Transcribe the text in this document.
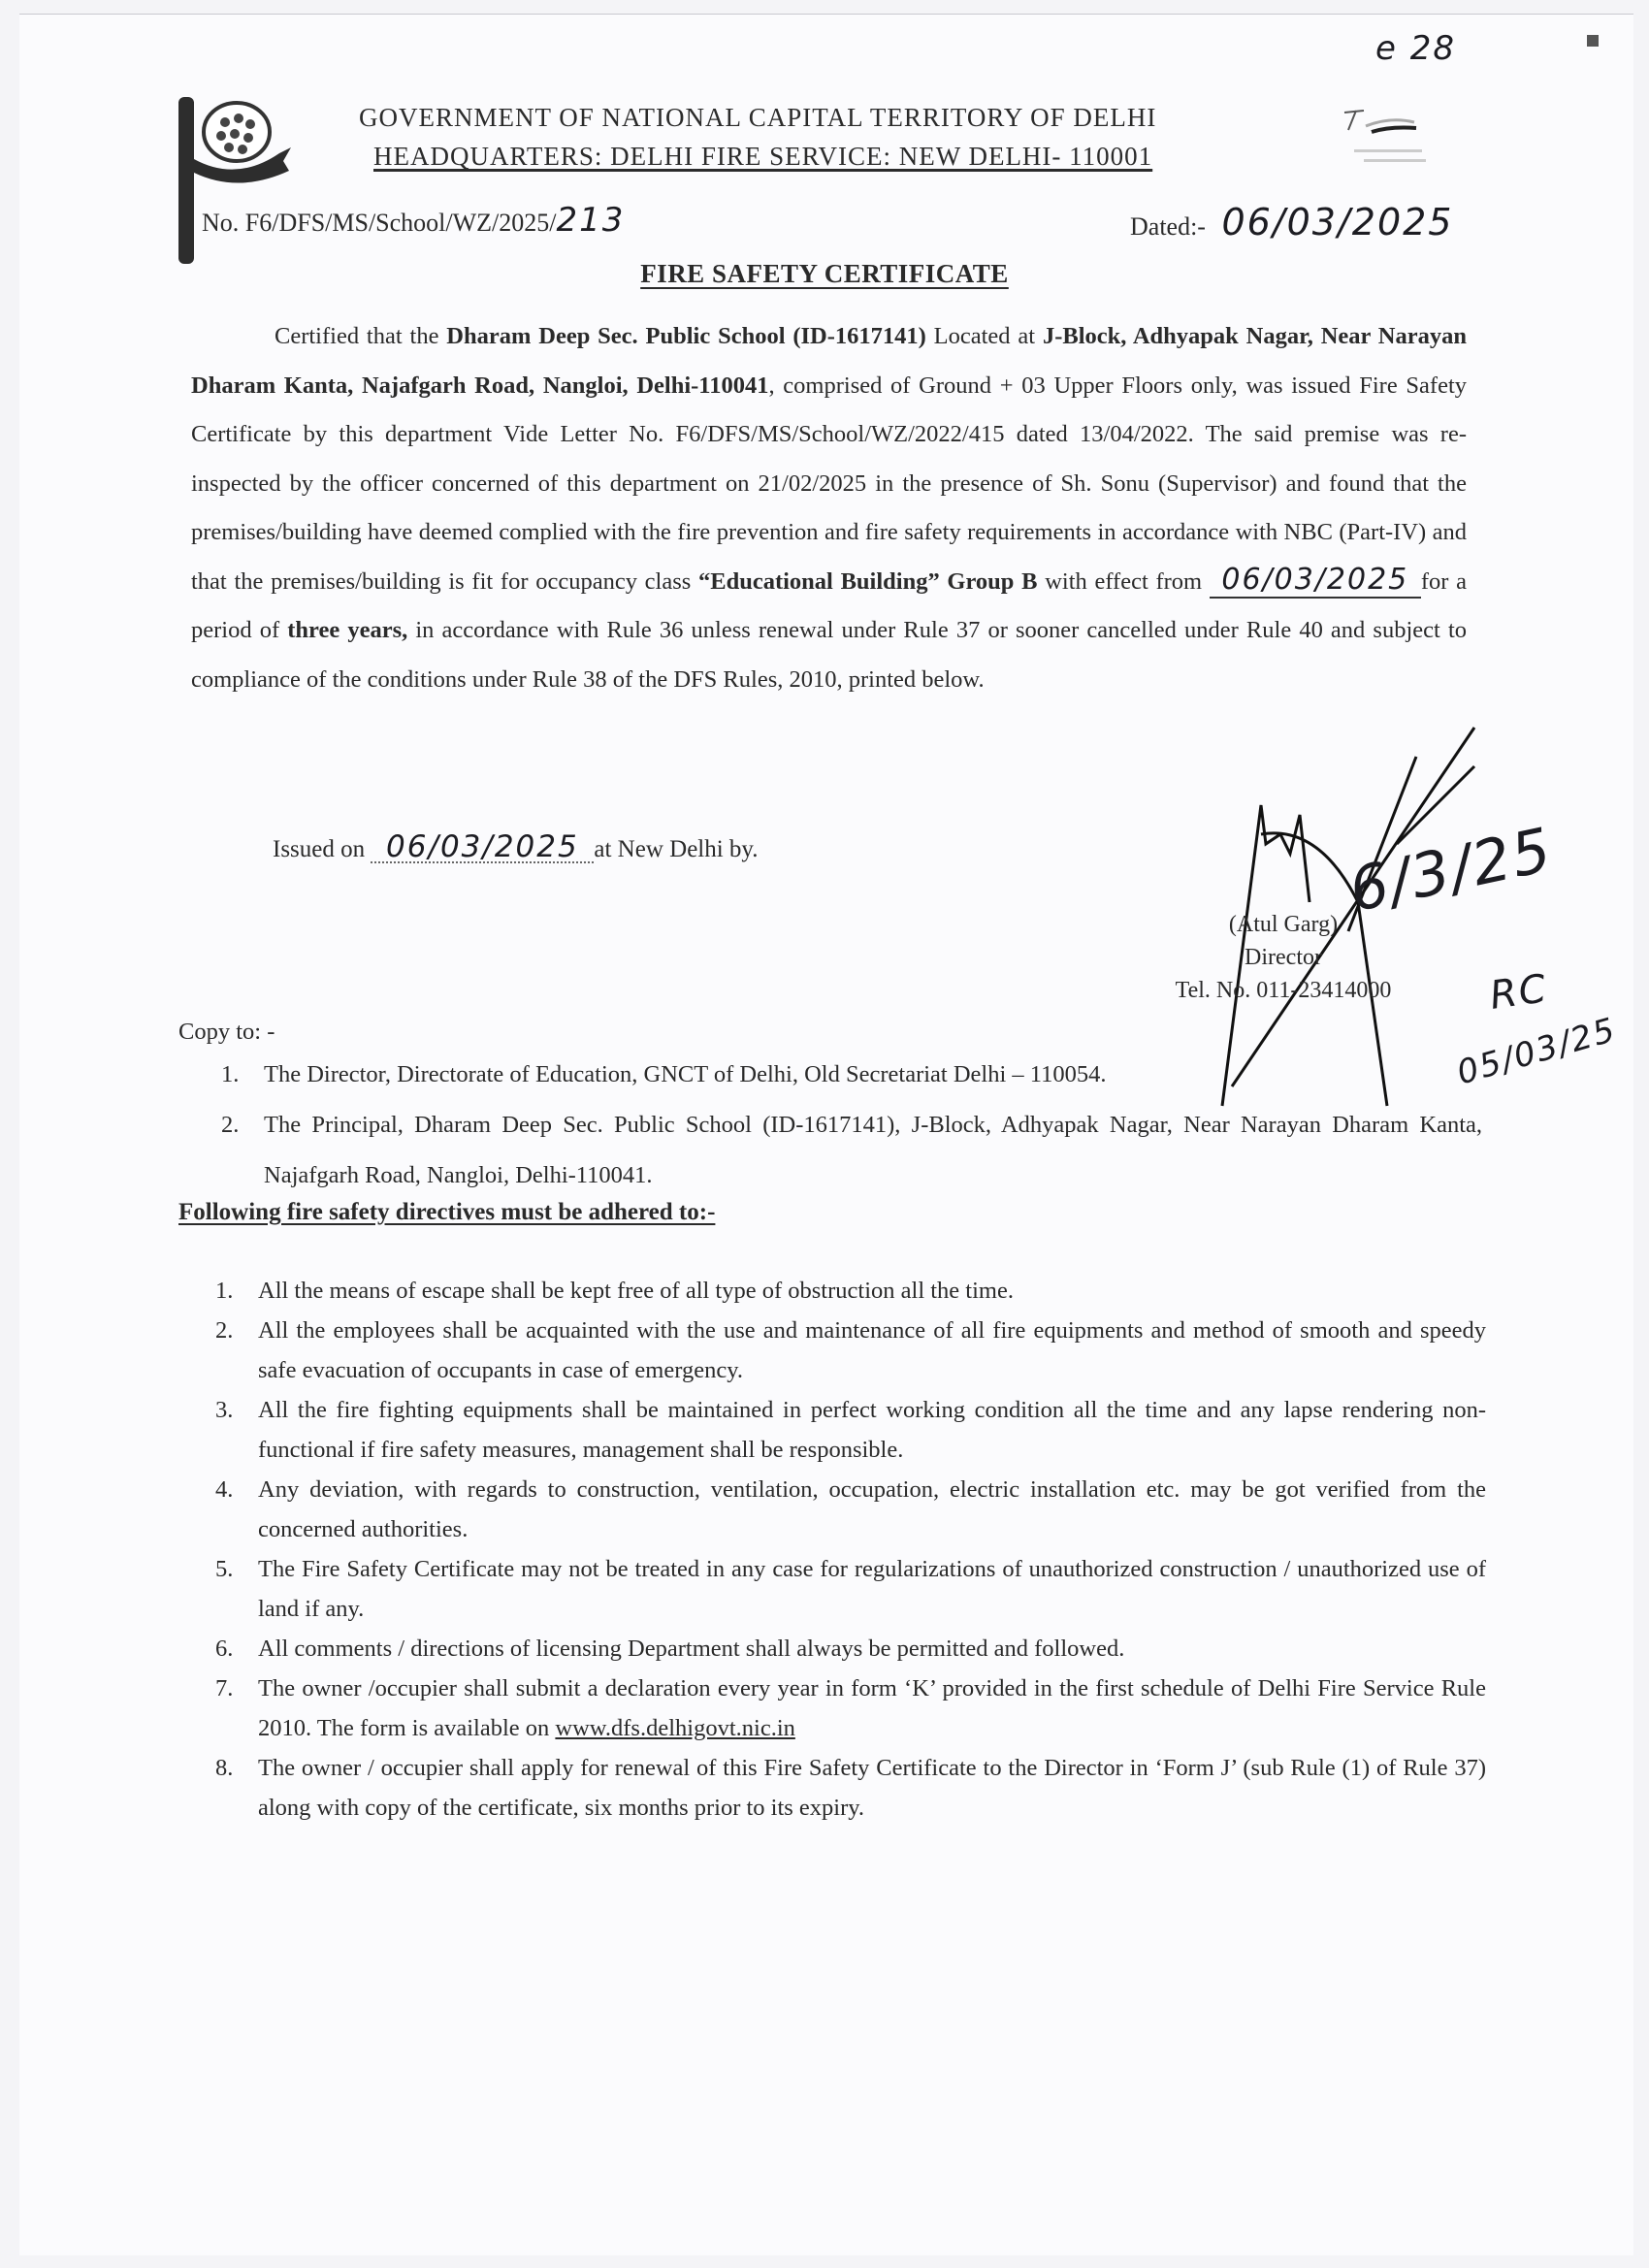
e 28
GOVERNMENT OF NATIONAL CAPITAL TERRITORY OF DELHI
HEADQUARTERS: DELHI FIRE SERVICE: NEW DELHI- 110001
No. F6/DFS/MS/School/WZ/2025/213	Dated:- 06/03/2025
FIRE SAFETY CERTIFICATE
Certified that the Dharam Deep Sec. Public School (ID-1617141) Located at J-Block, Adhyapak Nagar, Near Narayan Dharam Kanta, Najafgarh Road, Nangloi, Delhi-110041, comprised of Ground + 03 Upper Floors only, was issued Fire Safety Certificate by this department Vide Letter No. F6/DFS/MS/School/WZ/2022/415 dated 13/04/2022. The said premise was re-inspected by the officer concerned of this department on 21/02/2025 in the presence of Sh. Sonu (Supervisor) and found that the premises/building have deemed complied with the fire prevention and fire safety requirements in accordance with NBC (Part-IV) and that the premises/building is fit for occupancy class “Educational Building” Group B with effect from 06/03/2025 for a period of three years, in accordance with Rule 36 unless renewal under Rule 37 or sooner cancelled under Rule 40 and subject to compliance of the conditions under Rule 38 of the DFS Rules, 2010, printed below.
Issued on 06/03/2025 at New Delhi by.	6/3/25
(Atul Garg)
Director
Tel. No. 011-23414000	RC
05/03/25
Copy to: -
1.	The Director, Directorate of Education, GNCT of Delhi, Old Secretariat Delhi – 110054.
2.	The Principal, Dharam Deep Sec. Public School (ID-1617141), J-Block, Adhyapak Nagar, Near Narayan Dharam Kanta, Najafgarh Road, Nangloi, Delhi-110041.
Following fire safety directives must be adhered to:-
1.	All the means of escape shall be kept free of all type of obstruction all the time.
2.	All the employees shall be acquainted with the use and maintenance of all fire equipments and method of smooth and speedy safe evacuation of occupants in case of emergency.
3.	All the fire fighting equipments shall be maintained in perfect working condition all the time and any lapse rendering non-functional if fire safety measures, management shall be responsible.
4.	Any deviation, with regards to construction, ventilation, occupation, electric installation etc. may be got verified from the concerned authorities.
5.	The Fire Safety Certificate may not be treated in any case for regularizations of unauthorized construction / unauthorized use of land if any.
6.	All comments / directions of licensing Department shall always be permitted and followed.
7.	The owner /occupier shall submit a declaration every year in form ‘K’ provided in the first schedule of Delhi Fire Service Rule 2010. The form is available on www.dfs.delhigovt.nic.in
8.	The owner / occupier shall apply for renewal of this Fire Safety Certificate to the Director in ‘Form J’ (sub Rule (1) of Rule 37) along with copy of the certificate, six months prior to its expiry.
